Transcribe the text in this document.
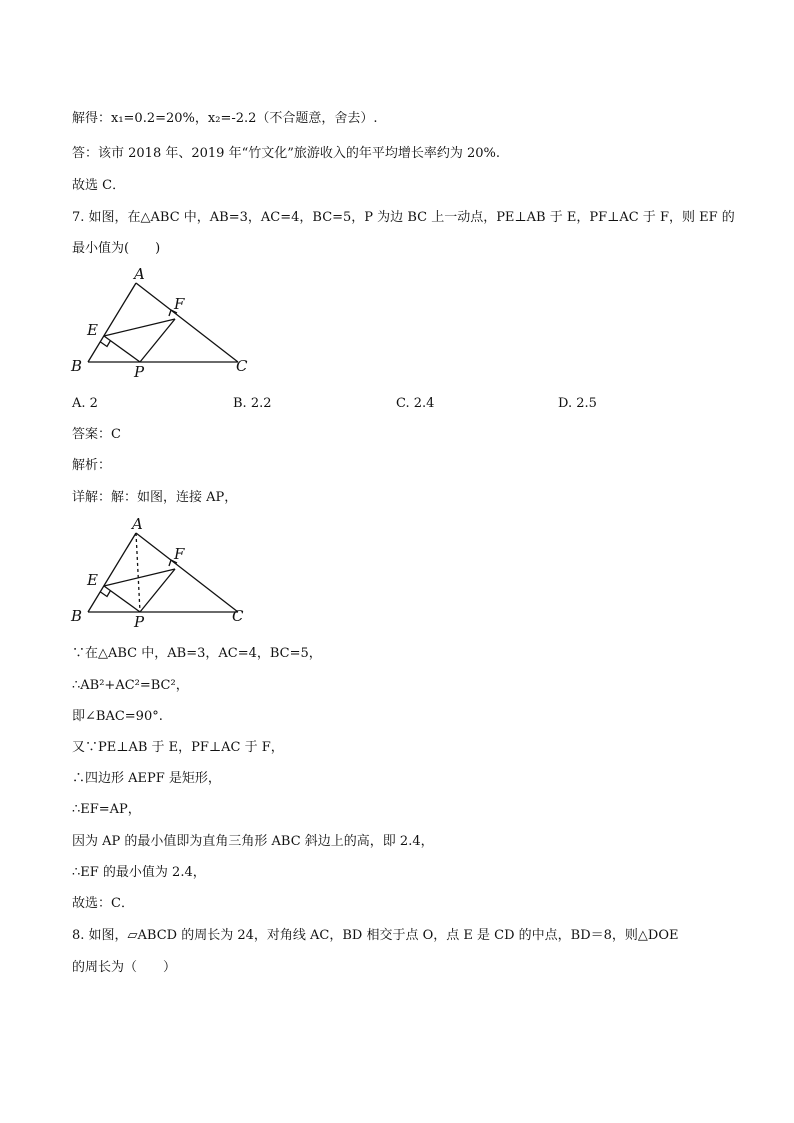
解得：x₁=0.2=20%，x₂=-2.2（不合题意，舍去）.
答：该市 2018 年、2019 年“竹文化”旅游收入的年平均增长率约为 20%.
故选 C．
7. 如图，在△ABC 中，AB=3，AC=4，BC=5，P 为边 BC 上一动点，PE⊥AB 于 E，PF⊥AC 于 F，则 EF 的
最小值为(　　)
A
F
E
B	P	C
A. 2	B. 2.2	C. 2.4	D. 2.5
答案：C
解析：
详解：解：如图，连接 AP，
A
F
E
B	P	C
∵在△ABC 中，AB=3，AC=4，BC=5，
∴AB²+AC²=BC²，
即∠BAC=90°.
又∵PE⊥AB 于 E，PF⊥AC 于 F，
∴四边形 AEPF 是矩形，
∴EF=AP，
因为 AP 的最小值即为直角三角形 ABC 斜边上的高，即 2.4，
∴EF 的最小值为 2.4，
故选：C．
8. 如图，▱ABCD 的周长为 24，对角线 AC，BD 相交于点 O，点 E 是 CD 的中点，BD＝8，则△DOE
的周长为（　　）
